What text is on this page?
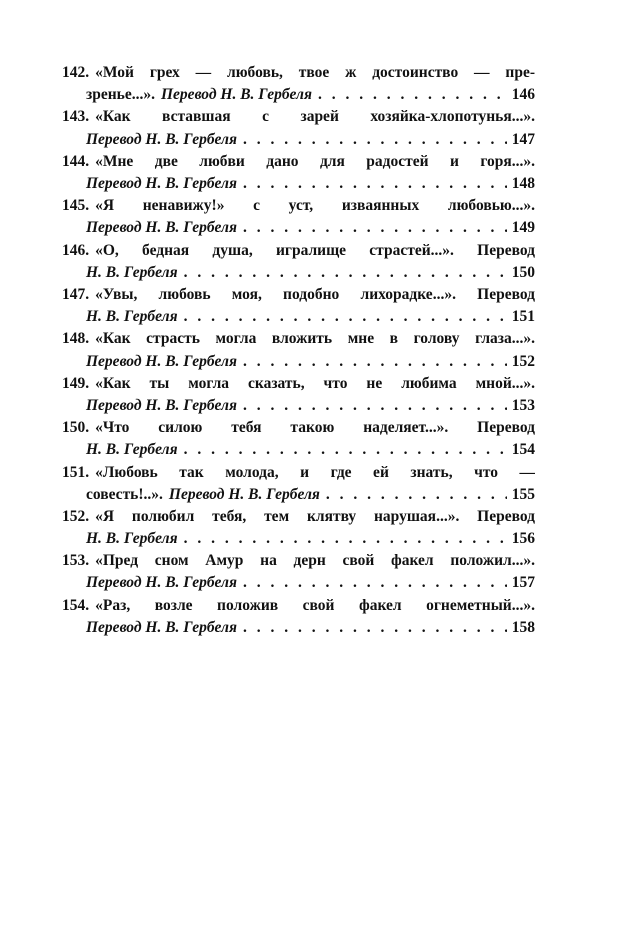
142. «Мой грех — любовь, твое ж достоинство — пре-
зренье...». Перевод Н. В. Гербеля . . .	146
143. «Как вставшая с зарей хозяйка-хлопотунья...».
Перевод Н. В. Гербеля . . .	147
144. «Мне две любви дано для радостей и горя...».
Перевод Н. В. Гербеля . . .	148
145. «Я ненавижу!» с уст, изваянных любовью...».
Перевод Н. В. Гербеля . . .	149
146. «О, бедная душа, игралище страстей...». Перевод
Н. В. Гербеля . . .	150
147. «Увы, любовь моя, подобно лихорадке...». Перевод
Н. В. Гербеля . . .	151
148. «Как страсть могла вложить мне в голову глаза...».
Перевод Н. В. Гербеля . . .	152
149. «Как ты могла сказать, что не любима мной...».
Перевод Н. В. Гербеля . . .	153
150. «Что силою тебя такою наделяет...». Перевод
Н. В. Гербеля . . .	154
151. «Любовь так молода, и где ей знать, что —
совесть!..». Перевод Н. В. Гербеля . . .	155
152. «Я полюбил тебя, тем клятву нарушая...». Перевод
Н. В. Гербеля . . .	156
153. «Пред сном Амур на дерн свой факел положил...».
Перевод Н. В. Гербеля . . .	157
154. «Раз, возле положив свой факел огнеметный...».
Перевод Н. В. Гербеля . . .	158
